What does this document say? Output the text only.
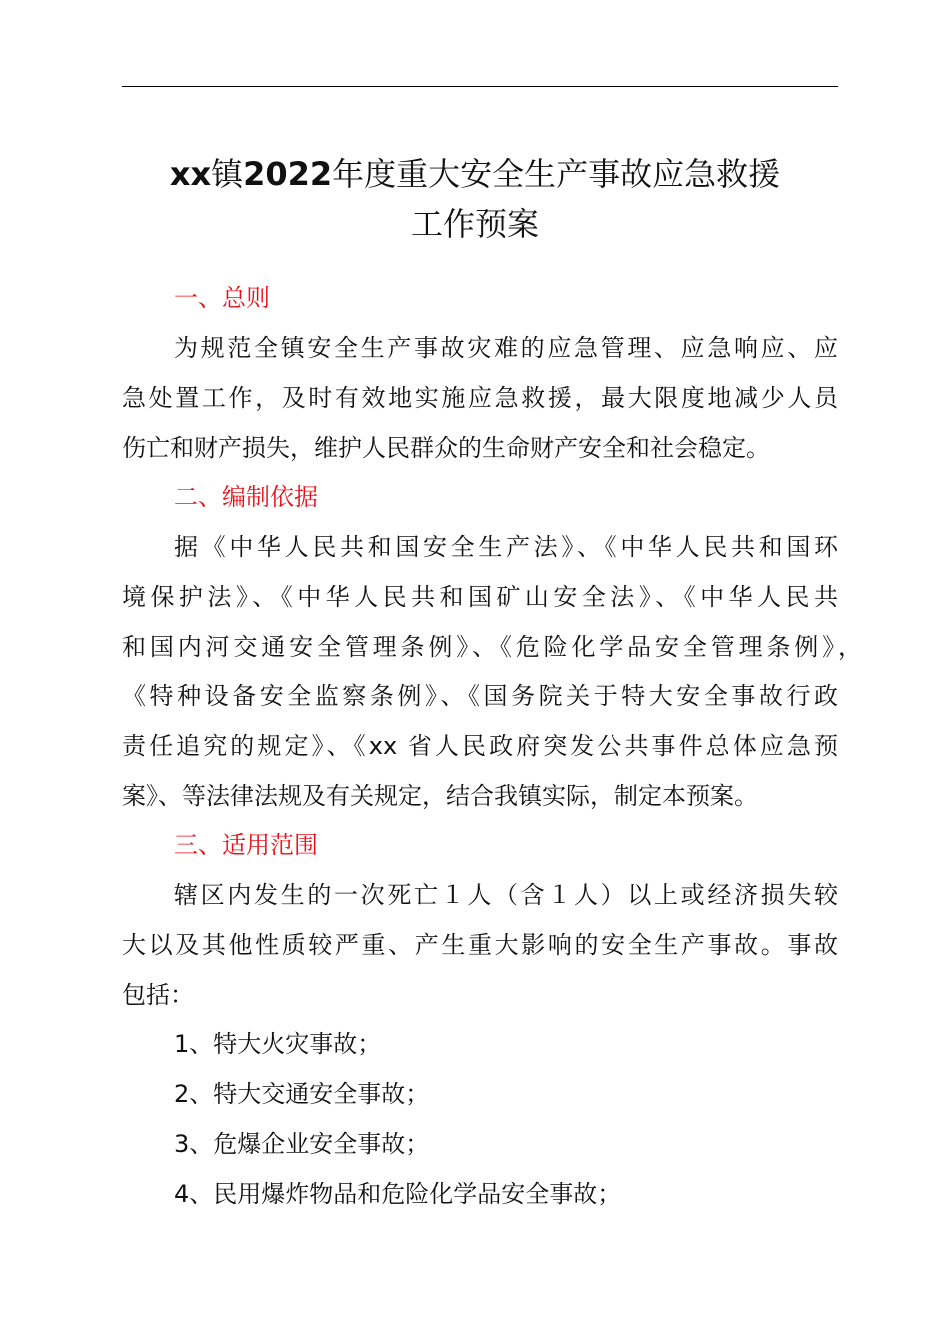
xx镇2022年度重大安全生产事故应急救援
工作预案
一、总则
为规范全镇安全生产事故灾难的应急管理、应急响应、应
急处置工作，及时有效地实施应急救援，最大限度地减少人员
伤亡和财产损失，维护人民群众的生命财产安全和社会稳定。
二、编制依据
据《中华人民共和国安全生产法》、《中华人民共和国环
境保护法》、《中华人民共和国矿山安全法》、《中华人民共
和国内河交通安全管理条例》、《危险化学品安全管理条例》，
《特种设备安全监察条例》、《国务院关于特大安全事故行政
责任追究的规定》、《xx 省人民政府突发公共事件总体应急预
案》、等法律法规及有关规定，结合我镇实际，制定本预案。
三、适用范围
辖区内发生的一次死亡１人（含１人）以上或经济损失较
大以及其他性质较严重、产生重大影响的安全生产事故。事故
包括：
1、特大火灾事故；
2、特大交通安全事故；
3、危爆企业安全事故；
4、民用爆炸物品和危险化学品安全事故；
